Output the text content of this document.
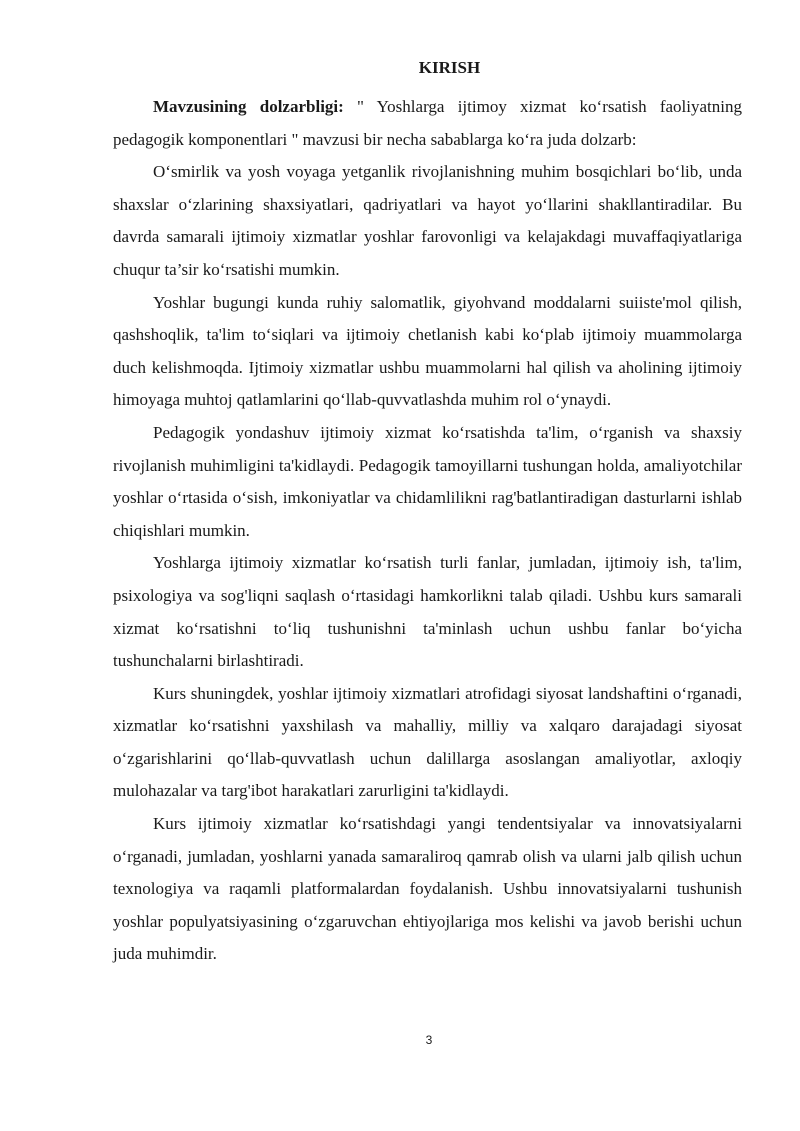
KIRISH

Mavzusining dolzarbligi: " Yoshlarga ijtimoy xizmat ko‘rsatish faoliyatning pedagogik komponentlari " mavzusi bir necha sabablarga ko‘ra juda dolzarb:

O‘smirlik va yosh voyaga yetganlik rivojlanishning muhim bosqichlari bo‘lib, unda shaxslar o‘zlarining shaxsiyatlari, qadriyatlari va hayot yo‘llarini shakllantiradilar. Bu davrda samarali ijtimoiy xizmatlar yoshlar farovonligi va kelajakdagi muvaffaqiyatlariga chuqur ta’sir ko‘rsatishi mumkin.

Yoshlar bugungi kunda ruhiy salomatlik, giyohvand moddalarni suiiste'mol qilish, qashshoqlik, ta'lim to‘siqlari va ijtimoiy chetlanish kabi ko‘plab ijtimoiy muammolarga duch kelishmoqda. Ijtimoiy xizmatlar ushbu muammolarni hal qilish va aholining ijtimoiy himoyaga muhtoj qatlamlarini qo‘llab-quvvatlashda muhim rol o‘ynaydi.

Pedagogik yondashuv ijtimoiy xizmat ko‘rsatishda ta'lim, o‘rganish va shaxsiy rivojlanish muhimligini ta'kidlaydi. Pedagogik tamoyillarni tushungan holda, amaliyotchilar yoshlar o‘rtasida o‘sish, imkoniyatlar va chidamlilikni rag'batlantiradigan dasturlarni ishlab chiqishlari mumkin.

Yoshlarga ijtimoiy xizmatlar ko‘rsatish turli fanlar, jumladan, ijtimoiy ish, ta'lim, psixologiya va sog'liqni saqlash o‘rtasidagi hamkorlikni talab qiladi. Ushbu kurs samarali xizmat ko‘rsatishni to‘liq tushunishni ta'minlash uchun ushbu fanlar bo‘yicha tushunchalarni birlashtiradi.

Kurs shuningdek, yoshlar ijtimoiy xizmatlari atrofidagi siyosat landshaftini o‘rganadi, xizmatlar ko‘rsatishni yaxshilash va mahalliy, milliy va xalqaro darajadagi siyosat o‘zgarishlarini qo‘llab-quvvatlash uchun dalillarga asoslangan amaliyotlar, axloqiy mulohazalar va targ'ibot harakatlari zarurligini ta'kidlaydi.

Kurs ijtimoiy xizmatlar ko‘rsatishdagi yangi tendentsiyalar va innovatsiyalarni o‘rganadi, jumladan, yoshlarni yanada samaraliroq qamrab olish va ularni jalb qilish uchun texnologiya va raqamli platformalardan foydalanish. Ushbu innovatsiyalarni tushunish yoshlar populyatsiyasining o‘zgaruvchan ehtiyojlariga mos kelishi va javob berishi uchun juda muhimdir.

3
